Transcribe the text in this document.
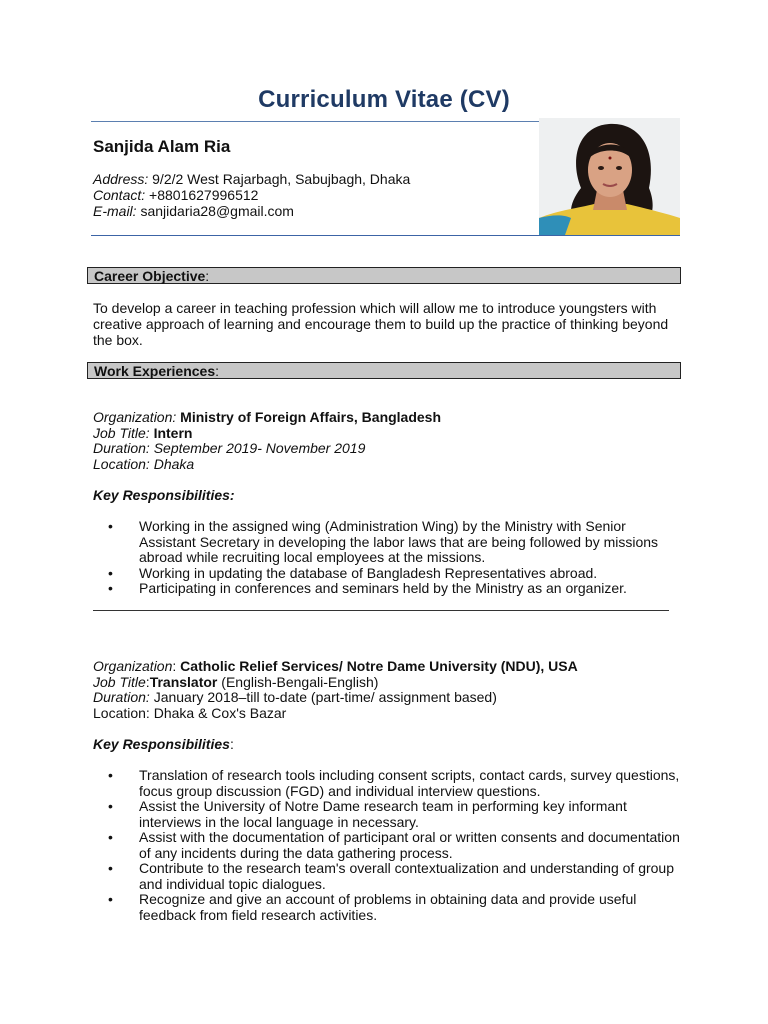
Curriculum Vitae (CV)
Sanjida Alam Ria
Address: 9/2/2 West Rajarbagh, Sabujbagh, Dhaka
Contact: +8801627996512
E-mail: sanjidaria28@gmail.com
Career Objective:
To develop a career in teaching profession which will allow me to introduce youngsters with creative approach of learning and encourage them to build up the practice of thinking beyond the box.
Work Experiences:
Organization: Ministry of Foreign Affairs, Bangladesh
Job Title: Intern
Duration: September 2019- November 2019
Location: Dhaka
Key Responsibilities:
• Working in the assigned wing (Administration Wing) by the Ministry with Senior Assistant Secretary in developing the labor laws that are being followed by missions abroad while recruiting local employees at the missions.
• Working in updating the database of Bangladesh Representatives abroad.
• Participating in conferences and seminars held by the Ministry as an organizer.
Organization: Catholic Relief Services/ Notre Dame University (NDU), USA
Job Title:Translator (English-Bengali-English)
Duration: January 2018–till to-date (part-time/ assignment based)
Location: Dhaka & Cox's Bazar
Key Responsibilities:
• Translation of research tools including consent scripts, contact cards, survey questions, focus group discussion (FGD) and individual interview questions.
• Assist the University of Notre Dame research team in performing key informant interviews in the local language in necessary.
• Assist with the documentation of participant oral or written consents and documentation of any incidents during the data gathering process.
• Contribute to the research team's overall contextualization and understanding of group and individual topic dialogues.
• Recognize and give an account of problems in obtaining data and provide useful feedback from field research activities.
